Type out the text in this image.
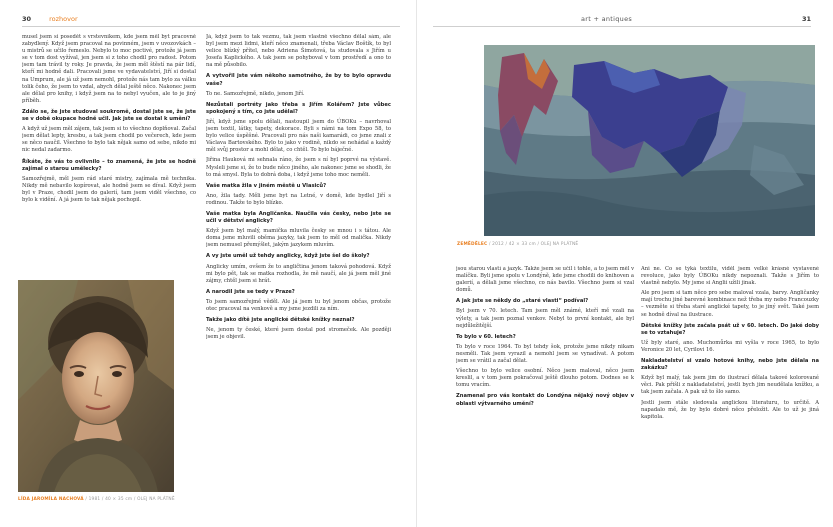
30	rozhovor

musel jsem si posedět s vrstevníkem, kde jsem měl byt pracovně zabydlený. Když jsem pracoval na povinném, jsem v uvozovkách – u mistrů se učilo řemeslo. Nebylo to moc poctivé, protože já jsem se v tom dost vyžíval, jen jsem si z toho chodil pro radost. Potom jsem tam trávil ty roky. Je pravda, že jsem měl štěstí na pár lidí, kteří mi hodně dali. Pracovali jsme ve vydavatelství, Jiří si dostal na Umprum, ale já už jsem nemohl, protože nás tam bylo za válku tolik čeho, že jsem to vzdal, abych dělal ještě něco. Nakonec jsem ale dělal pro knihy, i když jsem na to nebyl vyučen, ale to je jiný příběh.

Zdálo se, že jste studoval soukromě, dostal jste se, že jste se v době okupace hodně učil. Jak jste se dostal k umění?

A když už jsem měl zájem, tak jsem si to všechno doplňoval. Začal jsem dělat lepty, kresbu, a tak jsem chodil po večerech, kde jsem se něco naučil. Všechno to bylo tak nějak samo od sebe, nikdo mi nic nedal zadarmo.

Říkáte, že vás to ovlivnilo – to znamená, že jste se hodně zajímal o starou umělecky?

Samozřejmě, měl jsem rád staré mistry, zajímala mě technika. Nikdy mě nebavilo kopírovat, ale hodně jsem se díval. Když jsem byl v Praze, chodil jsem do galerií, tam jsem viděl všechno, co bylo k vidění. A já jsem to tak nějak pochopil.

Já, když jsem to tak vezmu, tak jsem vlastně všechno dělal sám, ale byl jsem mezi lidmi, kteří něco znamenali, třeba Václav Boštík, to byl velice blízký přítel, nebo Adriena Šimotová, ta studovala s Jiřím u Josefa Kaplického. A tak jsem se pohyboval v tom prostředí a ono to na mě působilo.

A vytvořil jste vám někoho samotného, že by to bylo opravdu vaše?

To ne. Samozřejmě, nikdo, jenom Jiří.

Nezůstali portréty jako třeba s Jiřím Kolářem? Jste vůbec spokojený s tím, co jste udělal?

Jiří, když jsme spolu dělali, nastoupil jsem do ÚBOKu – navrhoval jsem textil, látky, tapety, dekorace. Byli s námi na tom Expo 58, to bylo velice úspěšné. Pracovali pro nás naši kamarádi, co jsme znali z Václava Bartovského. Bylo to jako v rodině, nikdo se nehádal a každý měl svůj prostor a mohl dělat, co chtěl. To bylo báječné.

Jiřina Hauková mi sehnala ráno, že jsem s ní byl poprvé na výstavě. Mysleli jsme si, že to bude něco jiného, ale nakonec jsme se shodli, že to má smysl. Byla to dobrá doba, i když jsme toho moc neměli.

Vaše matka žila v jiném městě u Vlasiců?

Ano, žila tady. Měli jsme byt na Letné, v domě, kde bydlel Jiří s rodinou. Takže to bylo blízko.

Vaše matka byla Angličanka. Naučila vás česky, nebo jste se učil v dětství anglicky?

Když jsem byl malý, mamička mluvila česky se mnou i s tátou. Ale doma jsme mluvili oběma jazyky, tak jsem to měl od malička. Nikdy jsem nemusel přemýšlet, jakým jazykem mluvím.

A vy jste uměl už tehdy anglicky, když jste šel do školy?

Anglicky umím, ovšem že to angličtina jenom taková pohodová. Když mi bylo pět, tak se matka rozhodla, že mě naučí, ale já jsem měl jiné zájmy, chtěl jsem si hrát.

A narodil jste se tedy v Praze?

To jsem samozřejmě věděl. Ale já jsem tu byl jenom občas, protože otec pracoval na venkově a my jsme jezdili za ním.

Takže jako dítě jste anglické dětské knížky neznal?

Ne, jenom ty české, které jsem dostal pod stromeček. Ale později jsem je objevil.

LÍDA JAROMÍLA NACHOVÁ / 1981 / 40 × 35 cm / OLEJ NA PLÁTNĚ
art + antiques	31
ZEMĚDĚLEC / 2012 / 42 × 33 cm / OLEJ NA PLÁTNĚ

jsou starou vlastí a jazyk. Takže jsem se učil i tohle, a to jsem měl v malíčku. Byli jsme spolu v Londýně, kde jsme chodili do knihoven a galerií, a dělali jsme všechno, co nás bavilo. Všechno jsem si vzal domů.

A jak jste se někdy do „staré vlasti“ podíval?

Byl jsem v 70. letech. Tam jsem měl známé, kteří mě vzali na výlety, a tak jsem poznal venkov. Nebyl to první kontakt, ale byl nejdůležitější.

To bylo v 60. letech?

To bylo v roce 1964. To byl tehdy šok, protože jsme nikdy nikam nesměli. Tak jsem vyrazil a nemohl jsem se vynadívat. A potom jsem se vrátil a začal dělat.

Všechno to bylo velice osobní. Něco jsem maloval, něco jsem kreslil, a v tom jsem pokračoval ještě dlouho potom. Dodnes se k tomu vracím.

Znamenal pro vás kontakt do Londýna nějaký nový objev v oblasti výtvarného umění?

Ani ne. Co se týká textilu, viděl jsem velké krásné vystavené revoluce, jako byly ÚBOKu nikdy nepoznali. Takže s Jiřím to vlastně nebylo. My jsme si Anglii užili jinak.

Ale pro jsem si tam něco pro sebe maloval vzala, barvy. Angličanky mají trochu jiné barevné kombinace než třeba my nebo Francouzky – vezměte si třeba staré anglické tapety, to je jiný svět. Také jsem se hodně díval na ilustrace.

Dětské knížky jste začala psát už v 60. letech. Do jaké doby se to vztahuje?

Už byly staré, ano. Muchomůrka mi vyšla v roce 1965, to bylo Veronice 20 let, Cyrilovi 16.

Nakladatelství si vzalo hotové knihy, nebo jste dělala na zakázku?

Když byl malý, tak jsem jim do ilustrací dělala takové kolorované věci. Pak přišli z nakladatelství, jestli bych jim neudělala knížku, a tak jsem začala. A pak už to šlo samo.

Jestli jsem stále sledovala anglickou literaturu, to určitě. A napadalo mě, že by bylo dobré něco přeložit. Ale to už je jiná kapitola.
